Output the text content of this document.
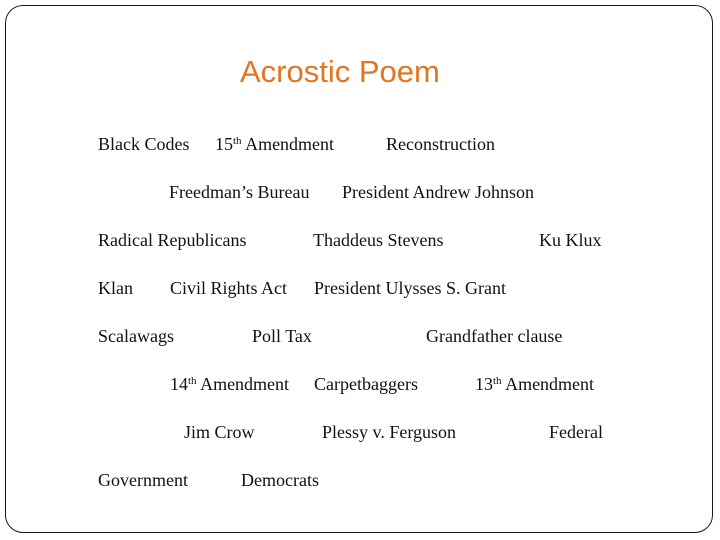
Acrostic Poem
Black Codes 15th Amendment	Reconstruction
Freedman’s Bureau President Andrew Johnson
Radical Republicans	Thaddeus Stevens	Ku Klux
Klan Civil Rights Act President Ulysses S. Grant
Scalawags	Poll Tax	Grandfather clause
14th Amendment Carpetbaggers	13th Amendment
Jim Crow	Plessy v. Ferguson	Federal
Government	Democrats
